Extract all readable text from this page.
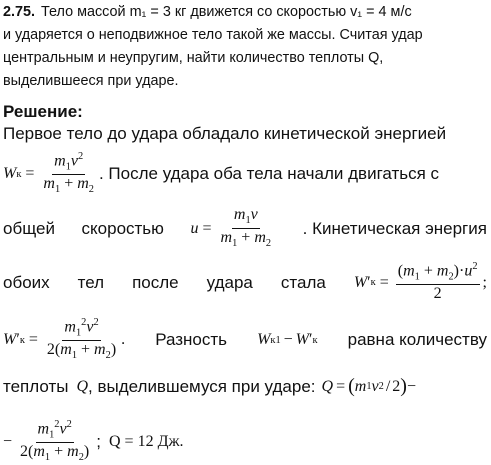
2.75. Тело массой m₁ = 3 кг движется со скоростью v₁ = 4 м/с
и ударяется о неподвижное тело такой же массы. Считая удар
центральным и неупругим, найти количество теплоты Q,
выделившееся при ударе.
Решение:
Первое тело до удара обладало кинетической энергией
W $к = \frac{m_1v^2}{m_1 + m_2}$ . После удара оба тела начали двигаться с
общей скоростью $u = \frac{m_1v}{m_1 + m_2}$ . Кинетическая энергия
обоих тел после удара стала W ′ $к = \frac{(m_1 + m_2)\cdot u^2}{2}$ ;
W ′ $к = \frac{m_1^2v^2}{2(m_1 + m_2)}$ . Разность W к1 − W ′ к равна количеству
теплоты Q , выделившемуся при ударе: Q = ( m 1 v 2 / 2 ) −
− $\frac{m_1^2v^2}{2(m_1 + m_2)}$ ; Q = 12 Дж.
